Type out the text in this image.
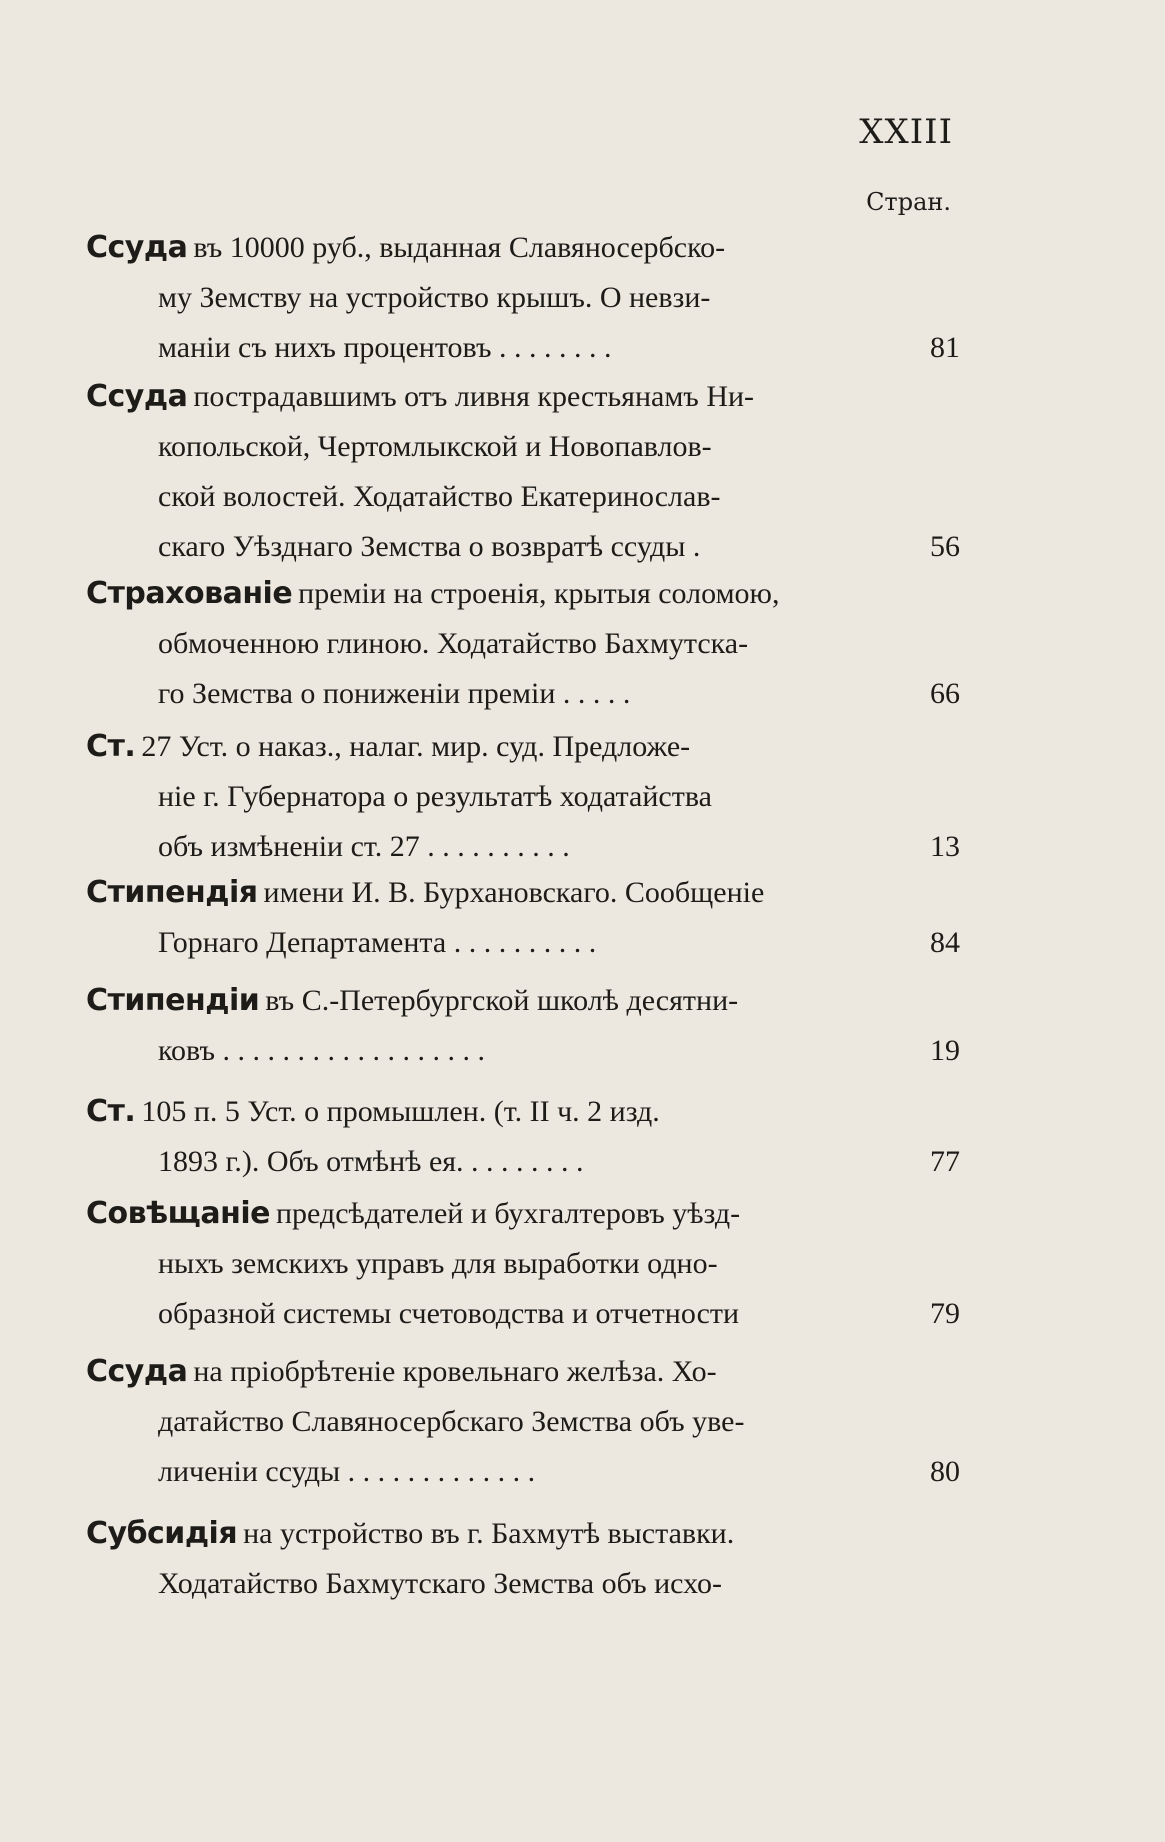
XXIII
Стран.
Ссуда въ 10000 руб., выданная Славяносербско-
му Земству на устройство крышъ. О невзи-
маніи съ нихъ процентовъ . . . . . . . .	81
Ссуда пострадавшимъ отъ ливня крестьянамъ Ни-
копольской, Чертомлыкской и Новопавлов-
ской волостей. Ходатайство Екатеринослав-
скаго Уѣзднаго Земства о возвратѣ ссуды .	56
Страхованіе преміи на строенія, крытыя соломою,
обмоченною глиною. Ходатайство Бахмутска-
го Земства о пониженіи преміи . . . . .	66
Ст. 27 Уст. о наказ., налаг. мир. суд. Предложе-
ніе г. Губернатора о результатѣ ходатайства
объ измѣненіи ст. 27 . . . . . . . . . .	13
Стипендія имени И. В. Бурхановскаго. Сообщеніе
Горнаго Департамента . . . . . . . . . .	84
Стипендіи въ С.-Петербургской школѣ десятни-
ковъ . . . . . . . . . . . . . . . . . .	19
Ст. 105 п. 5 Уст. о промышлен. (т. II ч. 2 изд.
1893 г.). Объ отмѣнѣ ея. . . . . . . . .	77
Совѣщаніе предсѣдателей и бухгалтеровъ уѣзд-
ныхъ земскихъ управъ для выработки одно-
образной системы счетоводства и отчетности	79
Ссуда на пріобрѣтеніе кровельнаго желѣза. Хо-
датайство Славяносербскаго Земства объ уве-
личеніи ссуды . . . . . . . . . . . . .	80
Субсидія на устройство въ г. Бахмутѣ выставки.
Ходатайство Бахмутскаго Земства объ исхо-
